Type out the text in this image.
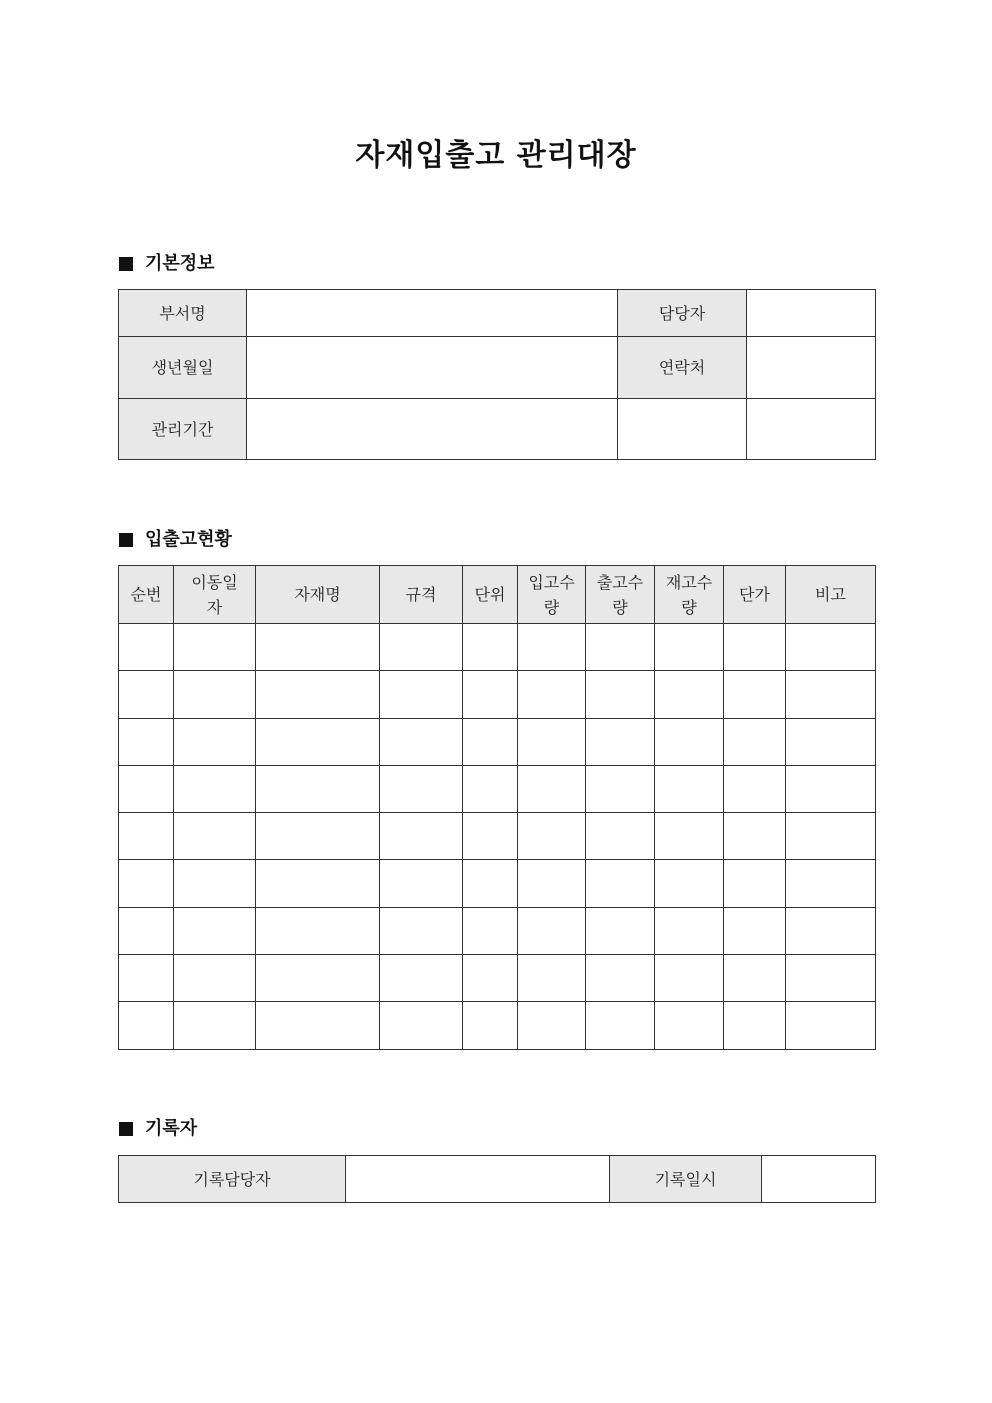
자재입출고 관리대장
기본정보
부서명		담당자	
생년월일		연락처	
관리기간			
입출고현황
순번	이동일자	자재명	규격	단위	입고수량	출고수량	재고수량	단가	비고

기록자
기록담당자		기록일시	
